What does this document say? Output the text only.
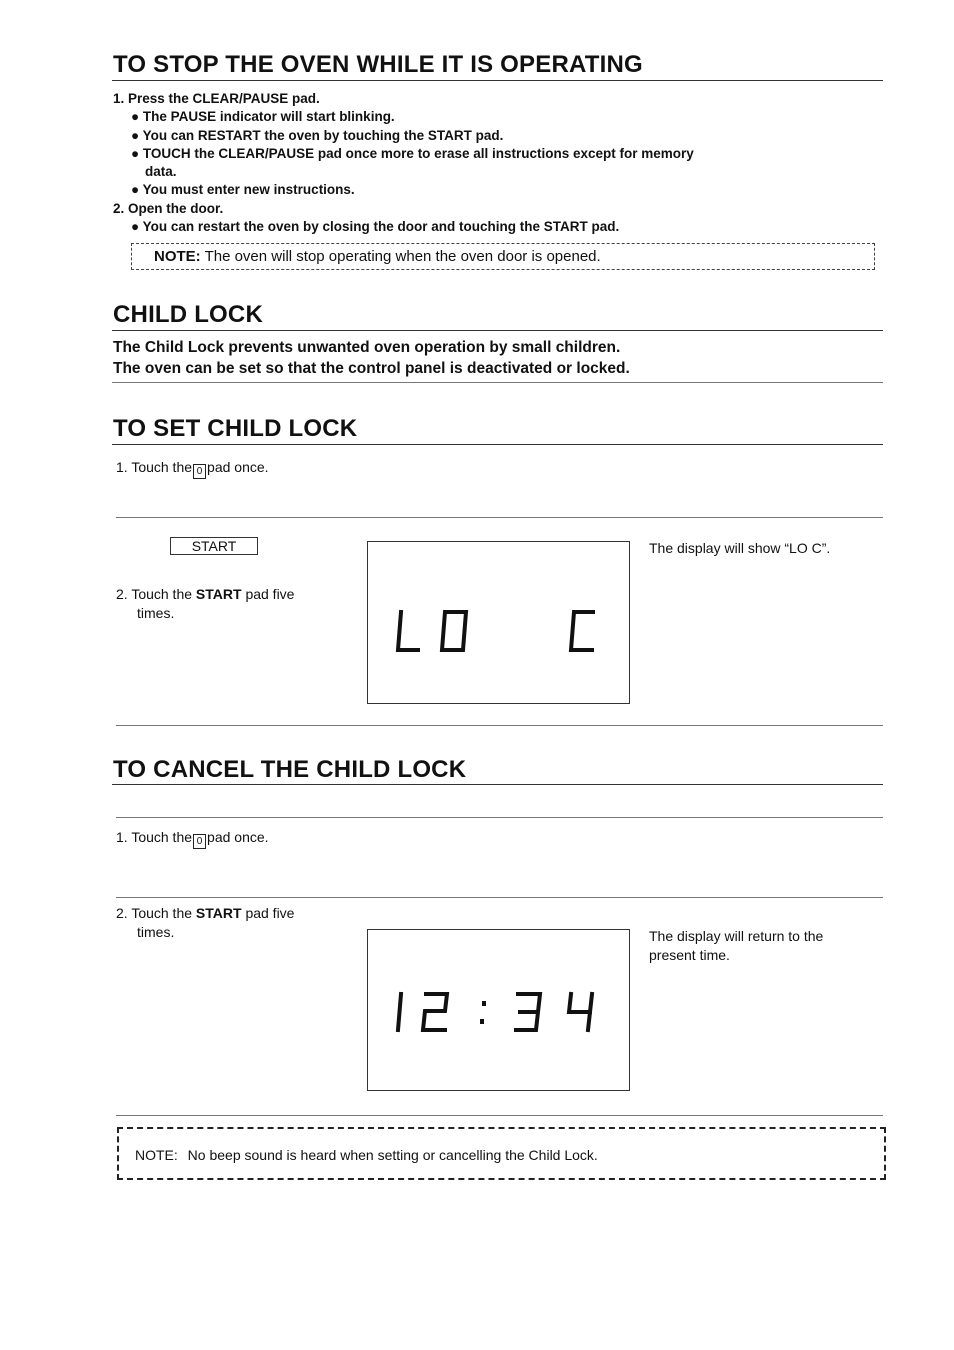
TO STOP THE OVEN WHILE IT IS OPERATING
1. Press the CLEAR/PAUSE pad.
● The PAUSE indicator will start blinking.
● You can RESTART the oven by touching the START pad.
● TOUCH the CLEAR/PAUSE pad once more to erase all instructions except for memory
data.
● You must enter new instructions.
2. Open the door.
● You can restart the oven by closing the door and touching the START pad.
NOTE: The oven will stop operating when the oven door is opened.
CHILD LOCK
The Child Lock prevents unwanted oven operation by small children.
The oven can be set so that the control panel is deactivated or locked.
TO SET CHILD LOCK
1. Touch the 0 pad once.
START
2. Touch the START pad five
times.
LO C
The display will show “LO C”.
TO CANCEL THE CHILD LOCK
1. Touch the 0 pad once.
2. Touch the START pad five
times.
12:34
The display will return to the
present time.
NOTE: No beep sound is heard when setting or cancelling the Child Lock.
